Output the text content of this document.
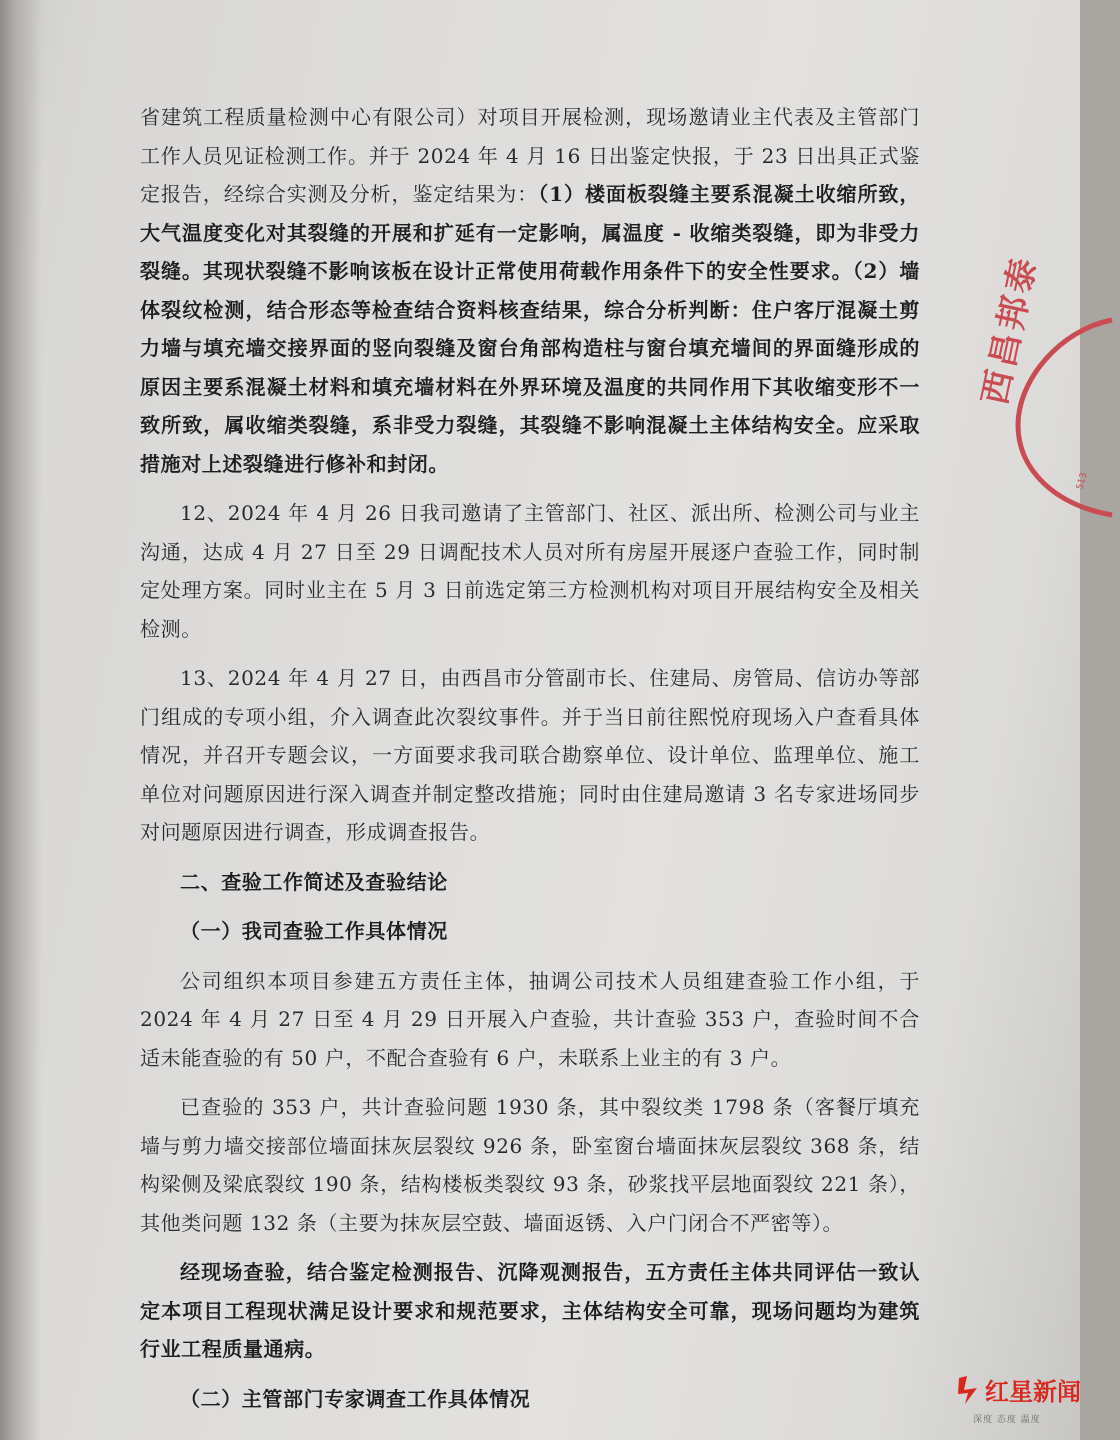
省建筑工程质量检测中心有限公司）对项目开展检测，现场邀请业主代表及主管部门工作人员见证检测工作。并于 2024 年 4 月 16 日出鉴定快报，于 23 日出具正式鉴定报告，经综合实测及分析，鉴定结果为：（1）楼面板裂缝主要系混凝土收缩所致，大气温度变化对其裂缝的开展和扩延有一定影响，属温度 - 收缩类裂缝，即为非受力裂缝。其现状裂缝不影响该板在设计正常使用荷载作用条件下的安全性要求。（2）墙体裂纹检测，结合形态等检查结合资料核查结果，综合分析判断：住户客厅混凝土剪力墙与填充墙交接界面的竖向裂缝及窗台角部构造柱与窗台填充墙间的界面缝形成的原因主要系混凝土材料和填充墙材料在外界环境及温度的共同作用下其收缩变形不一致所致，属收缩类裂缝，系非受力裂缝，其裂缝不影响混凝土主体结构安全。应采取措施对上述裂缝进行修补和封闭。

12、2024 年 4 月 26 日我司邀请了主管部门、社区、派出所、检测公司与业主沟通，达成 4 月 27 日至 29 日调配技术人员对所有房屋开展逐户查验工作，同时制定处理方案。同时业主在 5 月 3 日前选定第三方检测机构对项目开展结构安全及相关检测。

13、2024 年 4 月 27 日，由西昌市分管副市长、住建局、房管局、信访办等部门组成的专项小组，介入调查此次裂纹事件。并于当日前往熙悦府现场入户查看具体情况，并召开专题会议，一方面要求我司联合勘察单位、设计单位、监理单位、施工单位对问题原因进行深入调查并制定整改措施；同时由住建局邀请 3 名专家进场同步对问题原因进行调查，形成调查报告。

二、查验工作简述及查验结论

（一）我司查验工作具体情况

公司组织本项目参建五方责任主体，抽调公司技术人员组建查验工作小组，于 2024 年 4 月 27 日至 4 月 29 日开展入户查验，共计查验 353 户，查验时间不合适未能查验的有 50 户，不配合查验有 6 户，未联系上业主的有 3 户。

已查验的 353 户，共计查验问题 1930 条，其中裂纹类 1798 条（客餐厅填充墙与剪力墙交接部位墙面抹灰层裂纹 926 条，卧室窗台墙面抹灰层裂纹 368 条，结构梁侧及梁底裂纹 190 条，结构楼板类裂纹 93 条，砂浆找平层地面裂纹 221 条），其他类问题 132 条（主要为抹灰层空鼓、墙面返锈、入户门闭合不严密等）。

经现场查验，结合鉴定检测报告、沉降观测报告，五方责任主体共同评估一致认定本项目工程现状满足设计要求和规范要求，主体结构安全可靠，现场问题均为建筑行业工程质量通病。

（二）主管部门专家调查工作具体情况

西昌邦泰
513
红星新闻
深度 态度 温度
